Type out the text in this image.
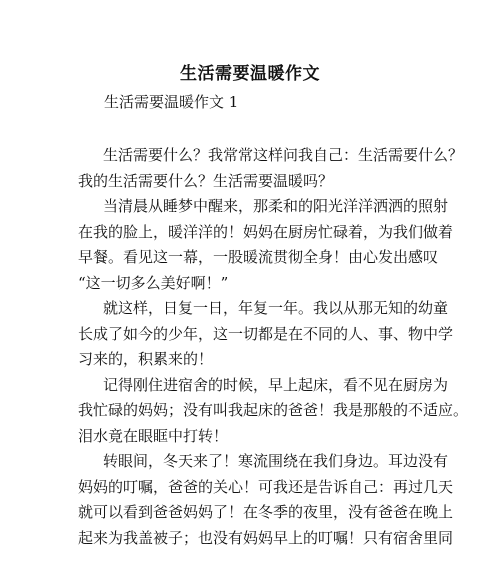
生活需要温暖作文
生活需要温暖作文 1

生活需要什么？我常常这样问我自己：生活需要什么？

我的生活需要什么？生活需要温暖吗？

当清晨从睡梦中醒来，那柔和的阳光洋洋洒洒的照射

在我的脸上，暖洋洋的！妈妈在厨房忙碌着，为我们做着

早餐。看见这一幕，一股暖流贯彻全身！由心发出感叹

“这一切多么美好啊！”

就这样，日复一日，年复一年。我以从那无知的幼童

长成了如今的少年，这一切都是在不同的人、事、物中学

习来的，积累来的！

记得刚住进宿舍的时候，早上起床，看不见在厨房为

我忙碌的妈妈；没有叫我起床的爸爸！我是那般的不适应。

泪水竟在眼眶中打转！

转眼间，冬天来了！寒流围绕在我们身边。耳边没有

妈妈的叮嘱，爸爸的关心！可我还是告诉自己：再过几天

就可以看到爸爸妈妈了！在冬季的夜里，没有爸爸在晚上

起来为我盖被子；也没有妈妈早上的叮嘱！只有宿舍里同
